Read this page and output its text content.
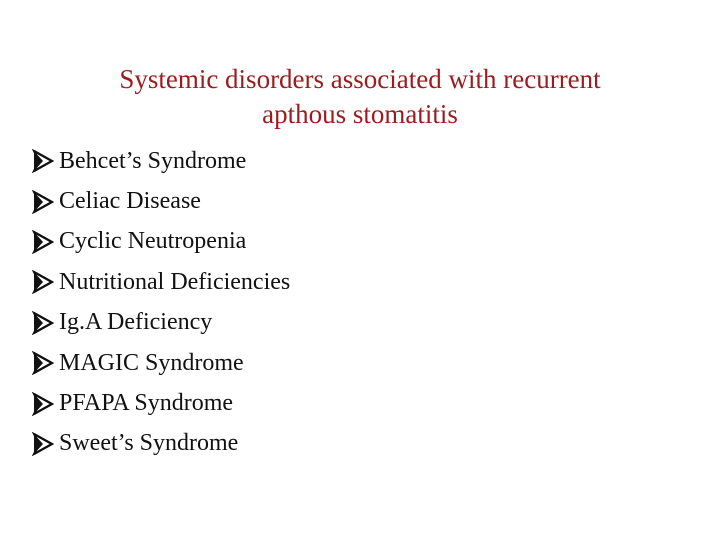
Systemic disorders associated with recurrent
apthous stomatitis
Behcet’s Syndrome
Celiac Disease
Cyclic Neutropenia
Nutritional Deficiencies
Ig.A Deficiency
MAGIC Syndrome
PFAPA Syndrome
Sweet’s Syndrome
